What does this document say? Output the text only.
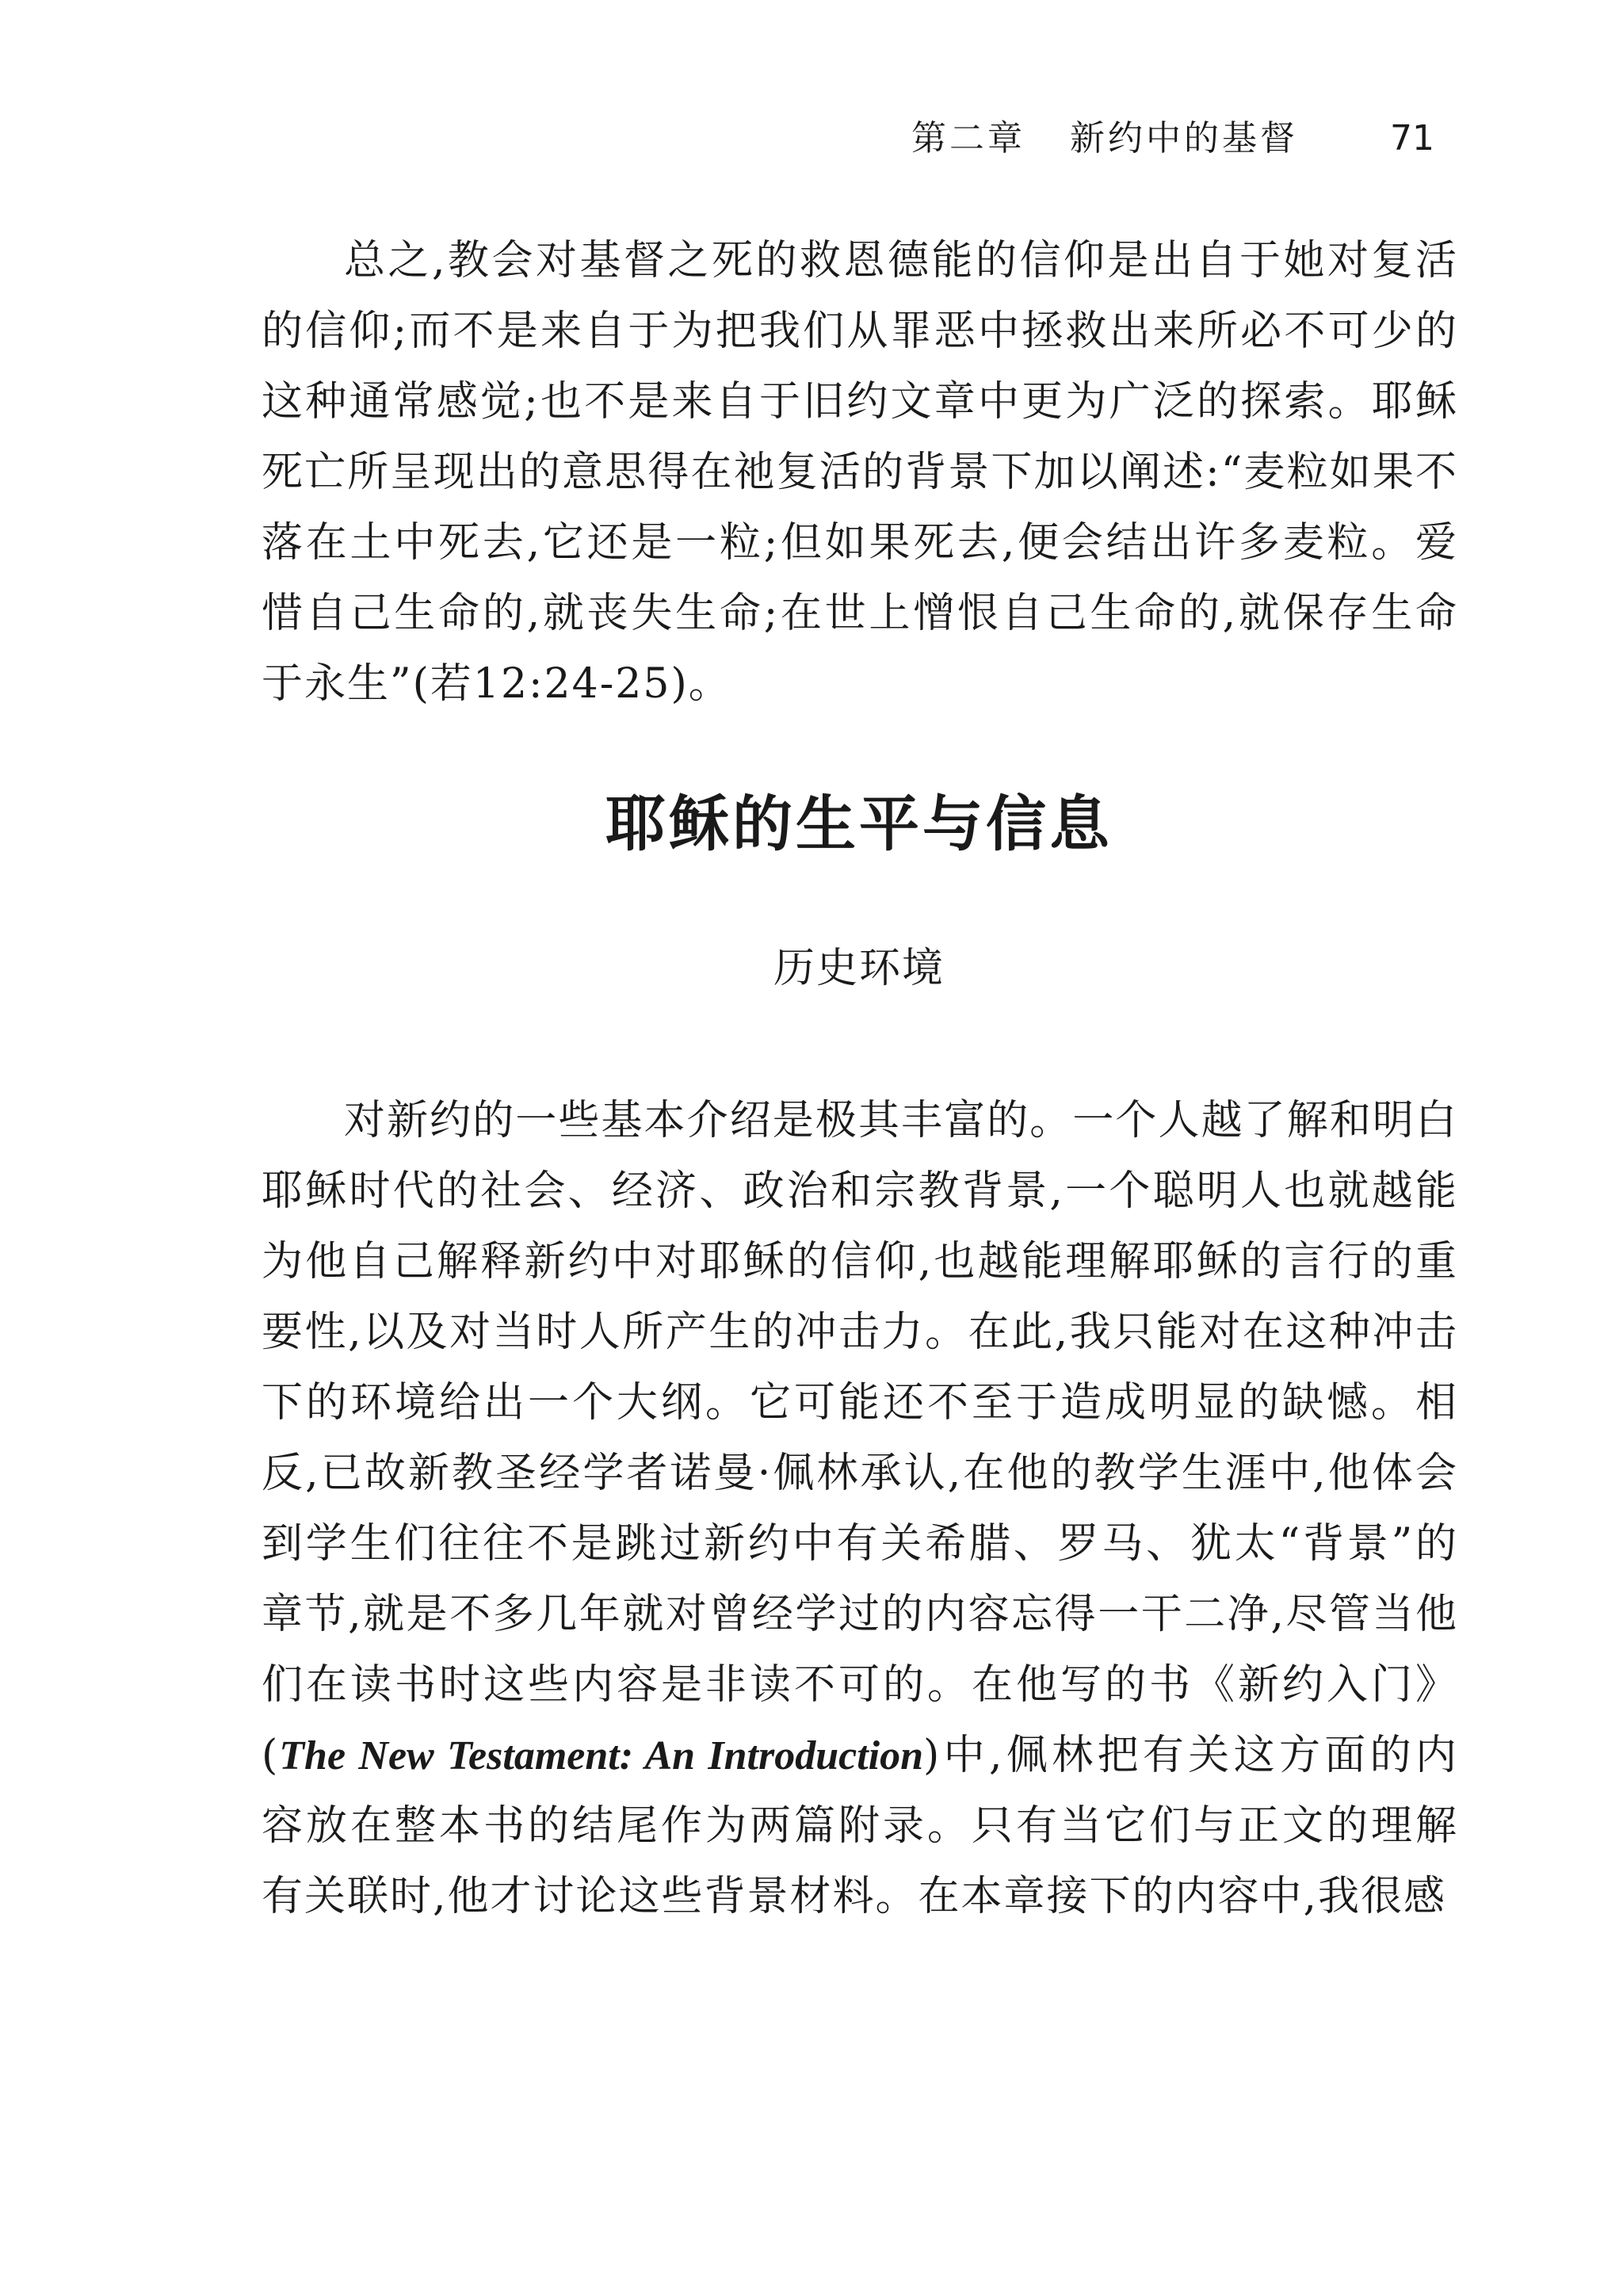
第二章 新约中的基督	71

总之,教会对基督之死的救恩德能的信仰是出自于她对复活的信仰;而不是来自于为把我们从罪恶中拯救出来所必不可少的这种通常感觉;也不是来自于旧约文章中更为广泛的探索。耶稣死亡所呈现出的意思得在祂复活的背景下加以阐述:“麦粒如果不落在土中死去,它还是一粒;但如果死去,便会结出许多麦粒。爱惜自己生命的,就丧失生命;在世上憎恨自己生命的,就保存生命于永生”(若12:24-25)。

耶稣的生平与信息
历史环境

对新约的一些基本介绍是极其丰富的。一个人越了解和明白耶稣时代的社会、经济、政治和宗教背景,一个聪明人也就越能为他自己解释新约中对耶稣的信仰,也越能理解耶稣的言行的重要性,以及对当时人所产生的冲击力。在此,我只能对在这种冲击下的环境给出一个大纲。它可能还不至于造成明显的缺憾。相反,已故新教圣经学者诺曼·佩林承认,在他的教学生涯中,他体会到学生们往往不是跳过新约中有关希腊、罗马、犹太“背景”的章节,就是不多几年就对曾经学过的内容忘得一干二净,尽管当他们在读书时这些内容是非读不可的。在他写的书《新约入门》(The New Testament: An Introduction)中,佩林把有关这方面的内容放在整本书的结尾作为两篇附录。只有当它们与正文的理解有关联时,他才讨论这些背景材料。在本章接下的内容中,我很感
